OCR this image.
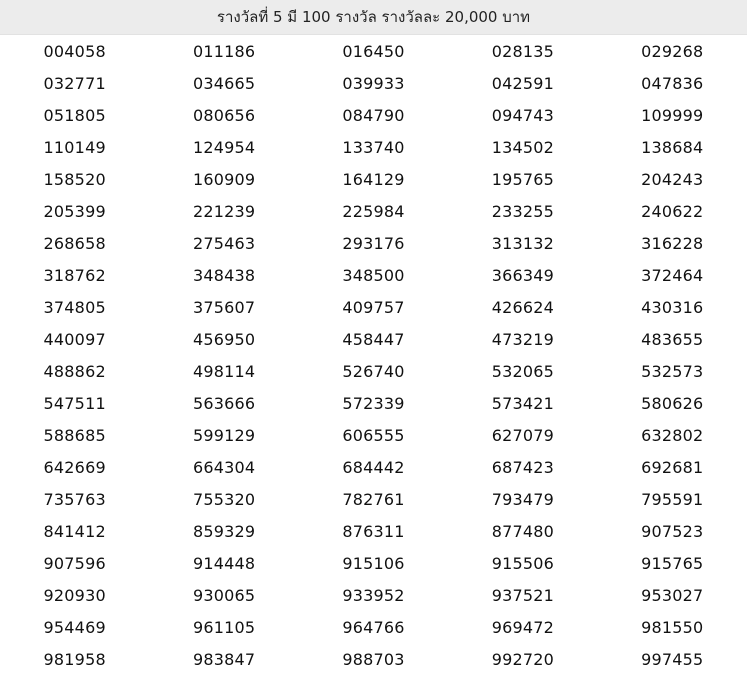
รางวัลที่ 5 มี 100 รางวัล รางวัลละ 20,000 บาท
004058	011186	016450	028135	029268
032771	034665	039933	042591	047836
051805	080656	084790	094743	109999
110149	124954	133740	134502	138684
158520	160909	164129	195765	204243
205399	221239	225984	233255	240622
268658	275463	293176	313132	316228
318762	348438	348500	366349	372464
374805	375607	409757	426624	430316
440097	456950	458447	473219	483655
488862	498114	526740	532065	532573
547511	563666	572339	573421	580626
588685	599129	606555	627079	632802
642669	664304	684442	687423	692681
735763	755320	782761	793479	795591
841412	859329	876311	877480	907523
907596	914448	915106	915506	915765
920930	930065	933952	937521	953027
954469	961105	964766	969472	981550
981958	983847	988703	992720	997455
